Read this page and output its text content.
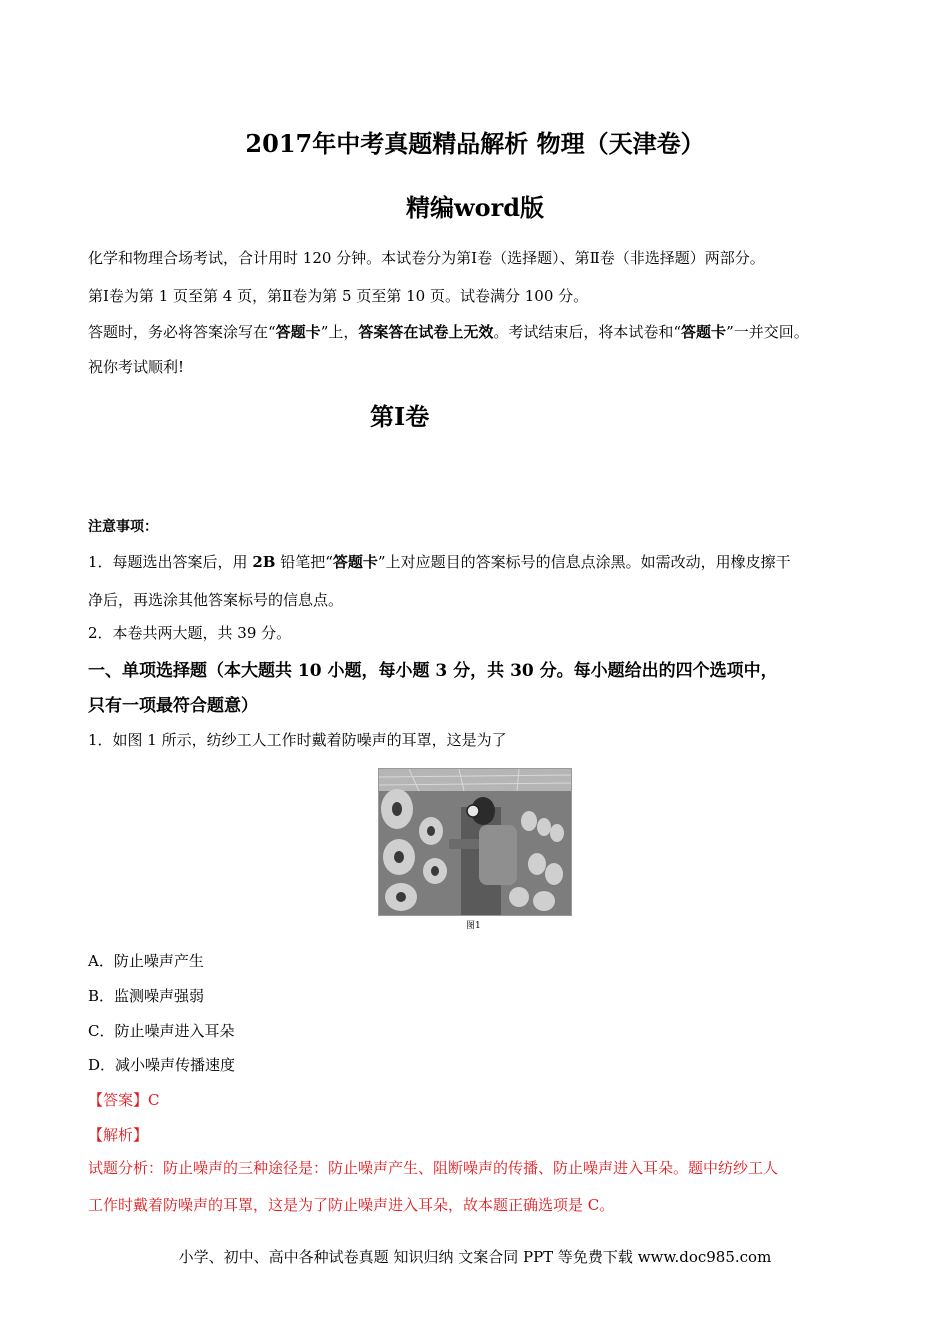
2017年中考真题精品解析 物理（天津卷）
精编word版
化学和物理合场考试，合计用时 120 分钟。本试卷分为第Ⅰ卷（选择题）、第Ⅱ卷（非选择题）两部分。
第Ⅰ卷为第 1 页至第 4 页，第Ⅱ卷为第 5 页至第 10 页。试卷满分 100 分。
答题时，务必将答案涂写在“答题卡”上，答案答在试卷上无效。考试结束后，将本试卷和“答题卡”一并交回。
祝你考试顺利!
第Ⅰ卷
注意事项：
1．每题选出答案后，用 2B 铅笔把“答题卡”上对应题目的答案标号的信息点涂黑。如需改动，用橡皮擦干
净后，再选涂其他答案标号的信息点。
2．本卷共两大题，共 39 分。
一、单项选择题（本大题共 10 小题，每小题 3 分，共 30 分。每小题给出的四个选项中，
只有一项最符合题意）
1．如图 1 所示，纺纱工人工作时戴着防噪声的耳罩，这是为了
图1
A．防止噪声产生
B．监测噪声强弱
C．防止噪声进入耳朵
D．减小噪声传播速度
【答案】C
【解析】
试题分析：防止噪声的三种途径是：防止噪声产生、阻断噪声的传播、防止噪声进入耳朵。题中纺纱工人
工作时戴着防噪声的耳罩，这是为了防止噪声进入耳朵，故本题正确选项是 C。
小学、初中、高中各种试卷真题 知识归纳 文案合同 PPT 等免费下载 www.doc985.com
